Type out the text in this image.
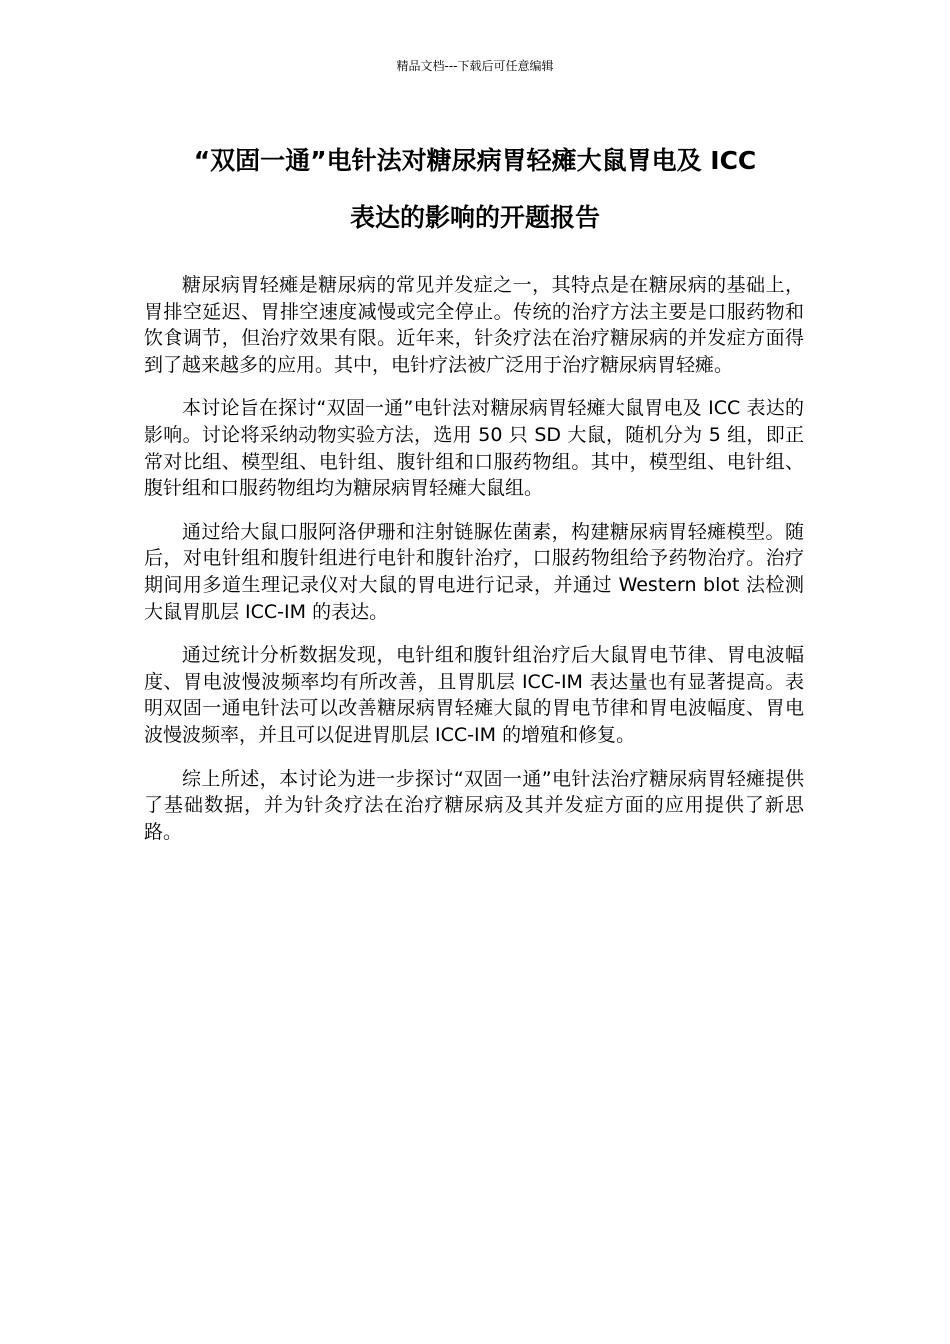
精品文档---下载后可任意编辑
“双固一通”电针法对糖尿病胃轻瘫大鼠胃电及 ICC
表达的影响的开题报告

糖尿病胃轻瘫是糖尿病的常见并发症之一，其特点是在糖尿病的基础上，胃排空延迟、胃排空速度减慢或完全停止。传统的治疗方法主要是口服药物和饮食调节，但治疗效果有限。近年来，针灸疗法在治疗糖尿病的并发症方面得到了越来越多的应用。其中，电针疗法被广泛用于治疗糖尿病胃轻瘫。

本讨论旨在探讨“双固一通”电针法对糖尿病胃轻瘫大鼠胃电及 ICC 表达的影响。讨论将采纳动物实验方法，选用 50 只 SD 大鼠，随机分为 5 组，即正常对比组、模型组、电针组、腹针组和口服药物组。其中，模型组、电针组、腹针组和口服药物组均为糖尿病胃轻瘫大鼠组。

通过给大鼠口服阿洛伊珊和注射链脲佐菌素，构建糖尿病胃轻瘫模型。随后，对电针组和腹针组进行电针和腹针治疗，口服药物组给予药物治疗。治疗期间用多道生理记录仪对大鼠的胃电进行记录，并通过 Western blot 法检测大鼠胃肌层 ICC-IM 的表达。

通过统计分析数据发现，电针组和腹针组治疗后大鼠胃电节律、胃电波幅度、胃电波慢波频率均有所改善，且胃肌层 ICC-IM 表达量也有显著提高。表明双固一通电针法可以改善糖尿病胃轻瘫大鼠的胃电节律和胃电波幅度、胃电波慢波频率，并且可以促进胃肌层 ICC-IM 的增殖和修复。

综上所述，本讨论为进一步探讨“双固一通”电针法治疗糖尿病胃轻瘫提供了基础数据，并为针灸疗法在治疗糖尿病及其并发症方面的应用提供了新思路。
